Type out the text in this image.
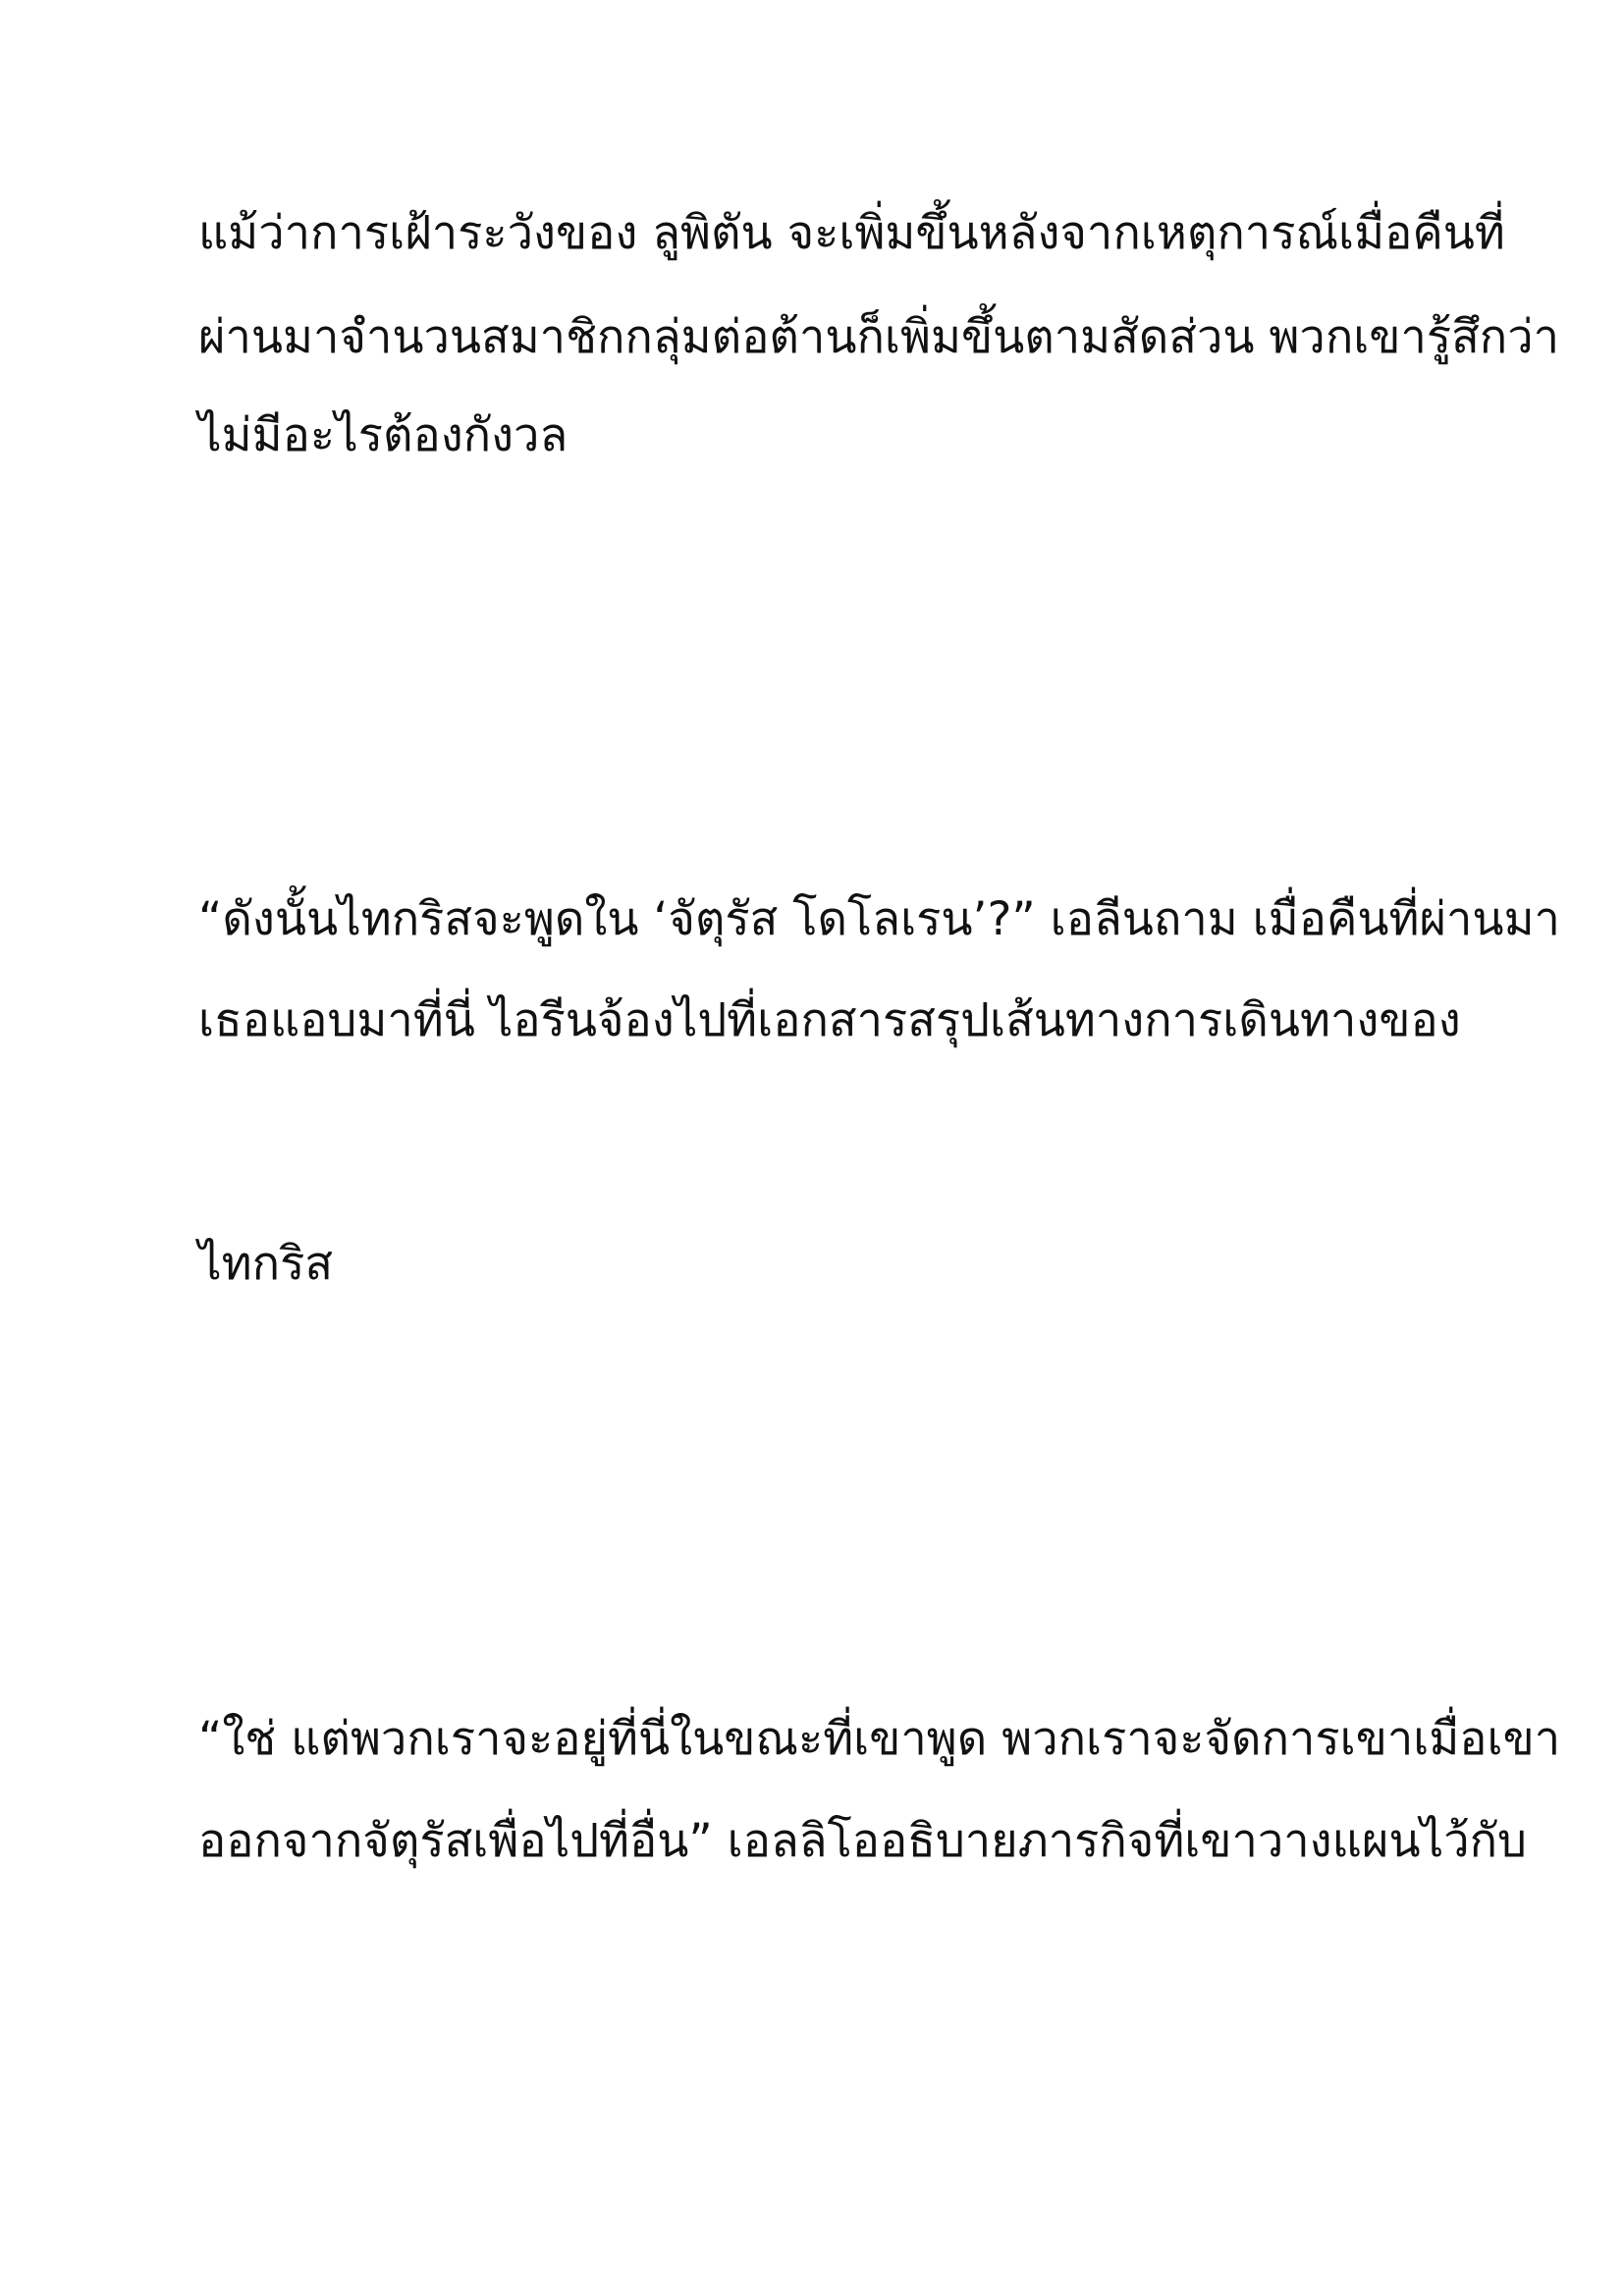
แม้ว่าการเฝ้าระวังของ ลูพิตัน จะเพิ่มขึ้นหลังจากเหตุการณ์เมื่อคืนที่

ผ่านมาจำนวนสมาชิกกลุ่มต่อต้านก็เพิ่มขึ้นตามสัดส่วน พวกเขารู้สึกว่า

ไม่มีอะไรต้องกังวล

“ดังนั้นไทกริสจะพูดใน ‘จัตุรัส โดโลเรน’?” เอลีนถาม เมื่อคืนที่ผ่านมา

เธอแอบมาที่นี่ ไอรีนจ้องไปที่เอกสารสรุปเส้นทางการเดินทางของ

ไทกริส

“ใช่ แต่พวกเราจะอยู่ที่นี่ในขณะที่เขาพูด พวกเราจะจัดการเขาเมื่อเขา

ออกจากจัตุรัสเพื่อไปที่อื่น” เอลลิโออธิบายภารกิจที่เขาวางแผนไว้กับ
